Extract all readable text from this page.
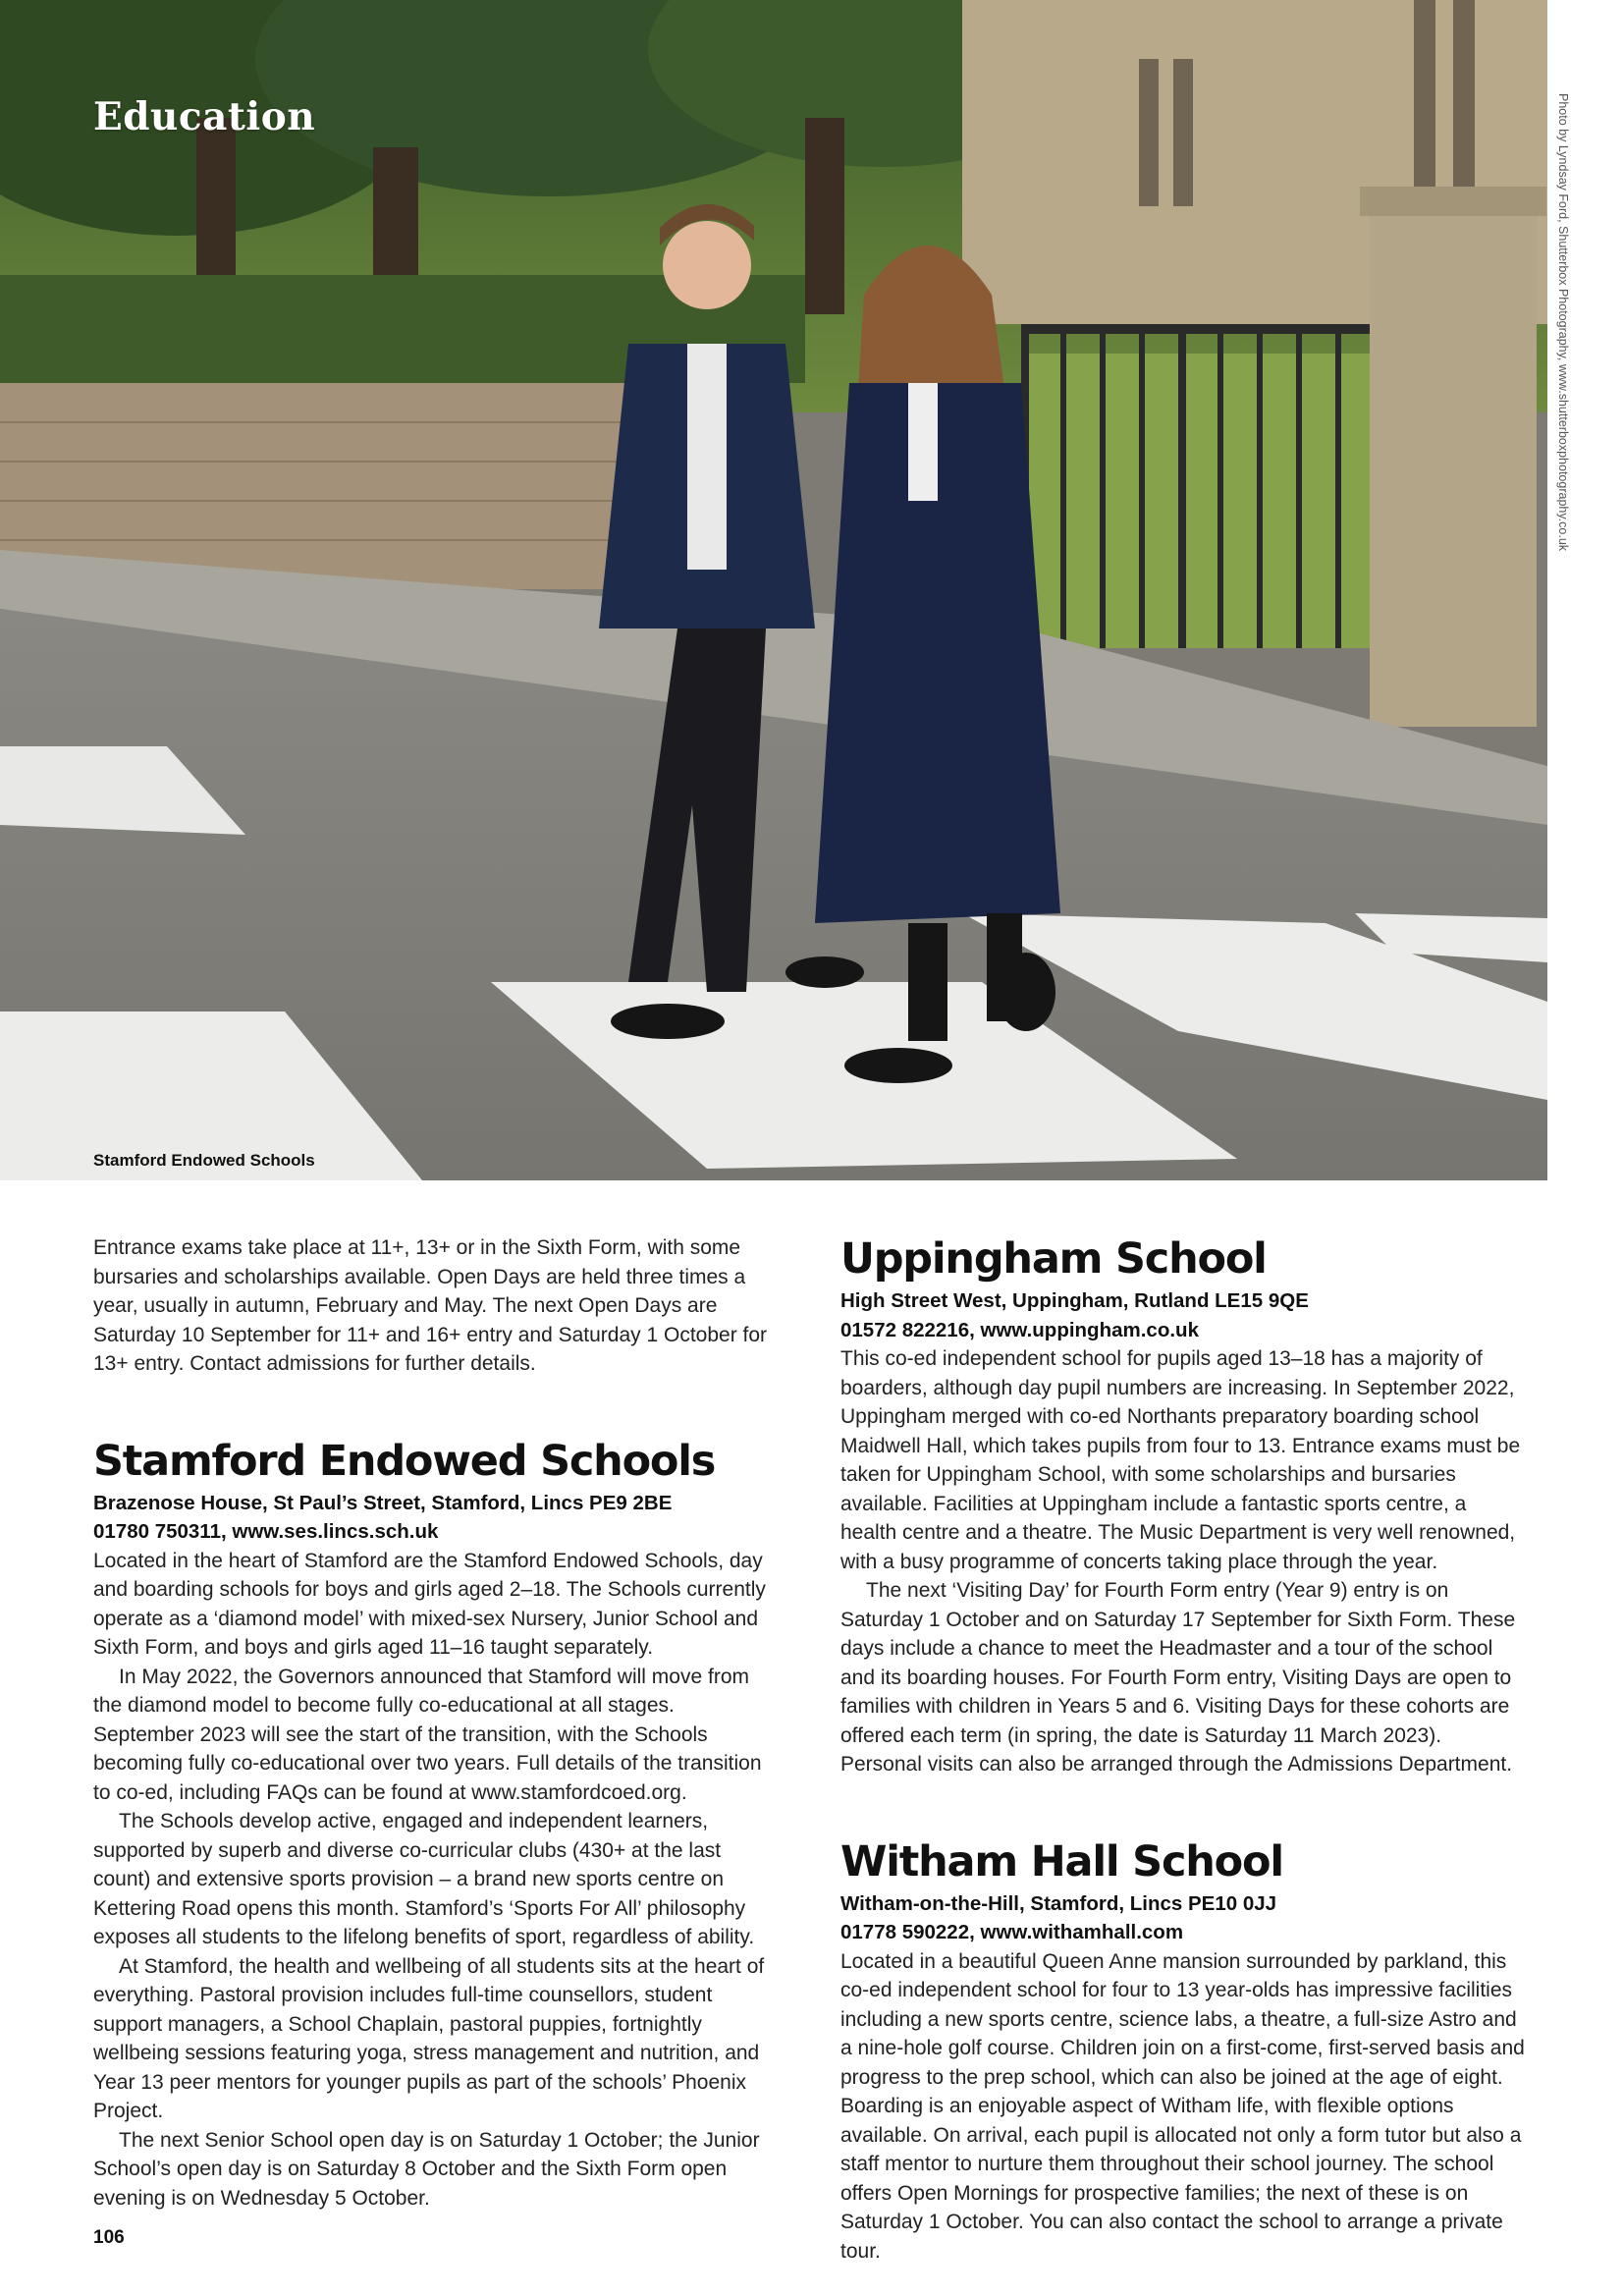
Education

Stamford Endowed Schools

Photo by Lyndsay Ford, Shutterbox Photography, www.shutterboxphotography.co.uk

Entrance exams take place at 11+, 13+ or in the Sixth Form, with some bursaries and scholarships available. Open Days are held three times a year, usually in autumn, February and May. The next Open Days are Saturday 10 September for 11+ and 16+ entry and Saturday 1 October for 13+ entry. Contact admissions for further details.

Stamford Endowed Schools

Brazenose House, St Paul’s Street, Stamford, Lincs PE9 2BE

01780 750311, www.ses.lincs.sch.uk

Located in the heart of Stamford are the Stamford Endowed Schools, day and boarding schools for boys and girls aged 2–18. The Schools currently operate as a ‘diamond model’ with mixed-sex Nursery, Junior School and Sixth Form, and boys and girls aged 11–16 taught separately.

In May 2022, the Governors announced that Stamford will move from the diamond model to become fully co-educational at all stages. September 2023 will see the start of the transition, with the Schools becoming fully co-educational over two years. Full details of the transition to co-ed, including FAQs can be found at www.stamfordcoed.org.

The Schools develop active, engaged and independent learners, supported by superb and diverse co-curricular clubs (430+ at the last count) and extensive sports provision – a brand new sports centre on Kettering Road opens this month. Stamford’s ‘Sports For All’ philosophy exposes all students to the lifelong benefits of sport, regardless of ability.

At Stamford, the health and wellbeing of all students sits at the heart of everything. Pastoral provision includes full-time counsellors, student support managers, a School Chaplain, pastoral puppies, fortnightly wellbeing sessions featuring yoga, stress management and nutrition, and Year 13 peer mentors for younger pupils as part of the schools’ Phoenix Project.

The next Senior School open day is on Saturday 1 October; the Junior School’s open day is on Saturday 8 October and the Sixth Form open evening is on Wednesday 5 October.

Uppingham School

High Street West, Uppingham, Rutland LE15 9QE

01572 822216, www.uppingham.co.uk

This co-ed independent school for pupils aged 13–18 has a majority of boarders, although day pupil numbers are increasing. In September 2022, Uppingham merged with co-ed Northants preparatory boarding school Maidwell Hall, which takes pupils from four to 13. Entrance exams must be taken for Uppingham School, with some scholarships and bursaries available. Facilities at Uppingham include a fantastic sports centre, a health centre and a theatre. The Music Department is very well renowned, with a busy programme of concerts taking place through the year.

The next ‘Visiting Day’ for Fourth Form entry (Year 9) entry is on Saturday 1 October and on Saturday 17 September for Sixth Form. These days include a chance to meet the Headmaster and a tour of the school and its boarding houses. For Fourth Form entry, Visiting Days are open to families with children in Years 5 and 6. Visiting Days for these cohorts are offered each term (in spring, the date is Saturday 11 March 2023). Personal visits can also be arranged through the Admissions Department.

Witham Hall School

Witham-on-the-Hill, Stamford, Lincs PE10 0JJ

01778 590222, www.withamhall.com

Located in a beautiful Queen Anne mansion surrounded by parkland, this co-ed independent school for four to 13 year-olds has impressive facilities including a new sports centre, science labs, a theatre, a full-size Astro and a nine-hole golf course. Children join on a first-come, first-served basis and progress to the prep school, which can also be joined at the age of eight. Boarding is an enjoyable aspect of Witham life, with flexible options available. On arrival, each pupil is allocated not only a form tutor but also a staff mentor to nurture them throughout their school journey. The school offers Open Mornings for prospective families; the next of these is on Saturday 1 October. You can also contact the school to arrange a private tour.

106
